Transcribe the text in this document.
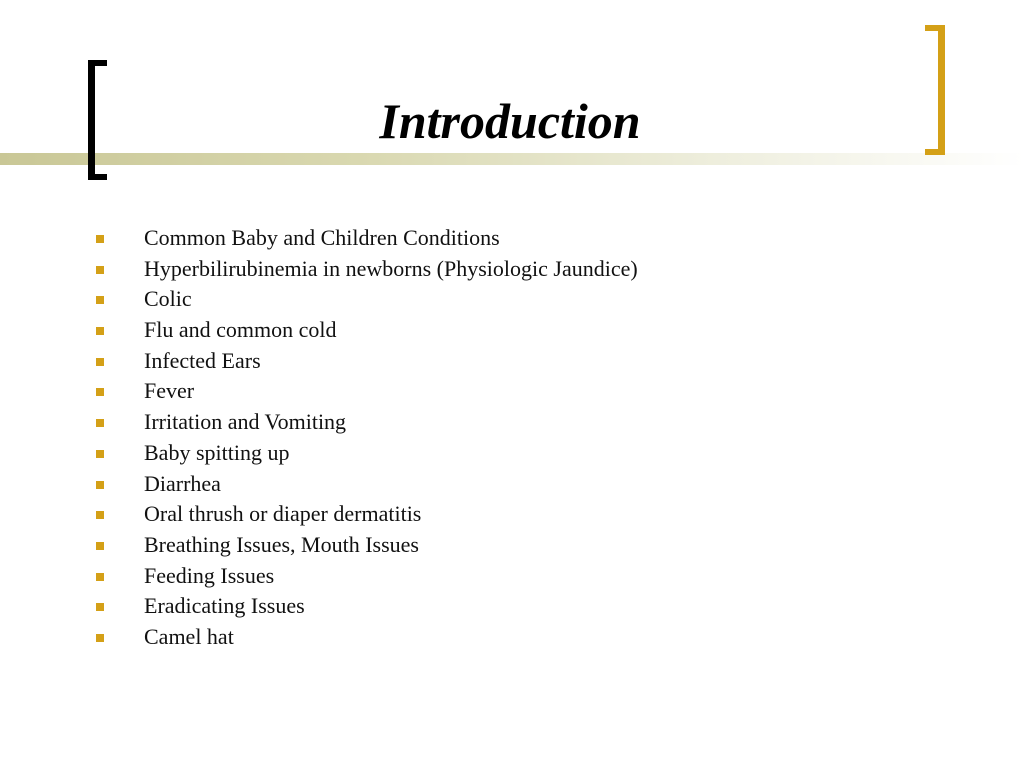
Introduction
Common Baby and Children Conditions
Hyperbilirubinemia in newborns (Physiologic Jaundice)
Colic
Flu and common cold
Infected Ears
Fever
Irritation and Vomiting
Baby spitting up
Diarrhea
Oral thrush or diaper dermatitis
Breathing Issues, Mouth Issues
Feeding Issues
Eradicating Issues
Camel hat
